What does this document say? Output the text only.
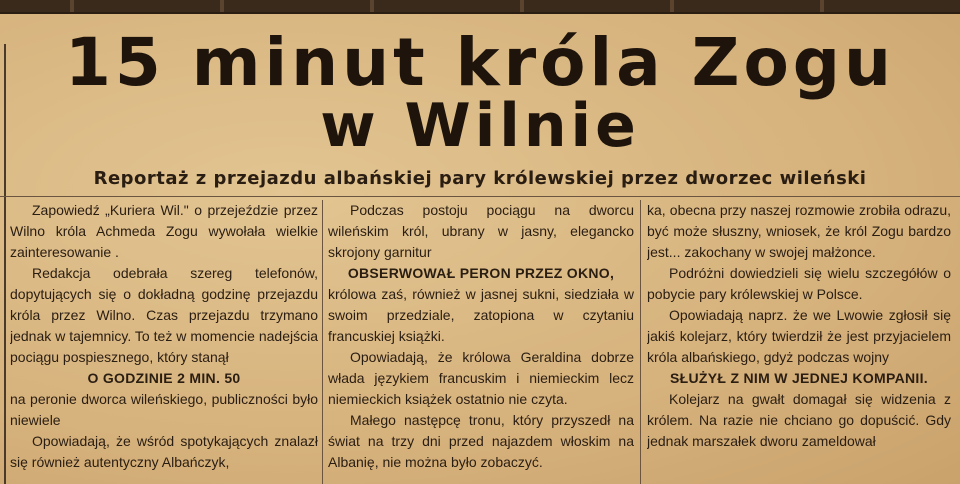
15 minut króla Zogu
w Wilnie
Reportaż z przejazdu albańskiej pary królewskiej przez dworzec wileński

Zapowiedź „Kuriera Wil." o przejeździe przez Wilno króla Achmeda Zogu wywołała wielkie zainteresowanie .

Redakcja odebrała szereg telefonów, dopytujących się o dokładną godzinę przejazdu króla przez Wilno. Czas przejazdu trzymano jednak w tajemnicy. To też w momencie nadejścia pociągu pospiesznego, który stanął

O GODZINIE 2 MIN. 50

na peronie dworca wileńskiego, publiczności było niewiele

Opowiadają, że wśród spotykających znalazł się również autentyczny Albańczyk,

Podczas postoju pociągu na dworcu wileńskim król, ubrany w jasny, elegancko skrojony garnitur

OBSERWOWAŁ PERON PRZEZ OKNO,

królowa zaś, również w jasnej sukni, siedziała w swoim przedziale, zatopiona w czytaniu francuskiej książki.

Opowiadają, że królowa Geraldina dobrze włada językiem francuskim i niemieckim lecz niemieckich książek ostatnio nie czyta.

Małego następcę tronu, który przyszedł na świat na trzy dni przed najazdem włoskim na Albanię, nie można było zobaczyć.

ka, obecna przy naszej rozmowie zrobiła odrazu, być może słuszny, wniosek, że król Zogu bardzo jest... zakochany w swojej małżonce.

Podróżni dowiedzieli się wielu szczegółów o pobycie pary królewskiej w Polsce.

Opowiadają naprz. że we Lwowie zgłosił się jakiś kolejarz, który twierdził że jest przyjacielem króla albańskiego, gdyż podczas wojny

SŁUŻYŁ Z NIM W JEDNEJ KOMPANII.

Kolejarz na gwałt domagał się widzenia z królem. Na razie nie chciano go dopuścić. Gdy jednak marszałek dworu zameldował
